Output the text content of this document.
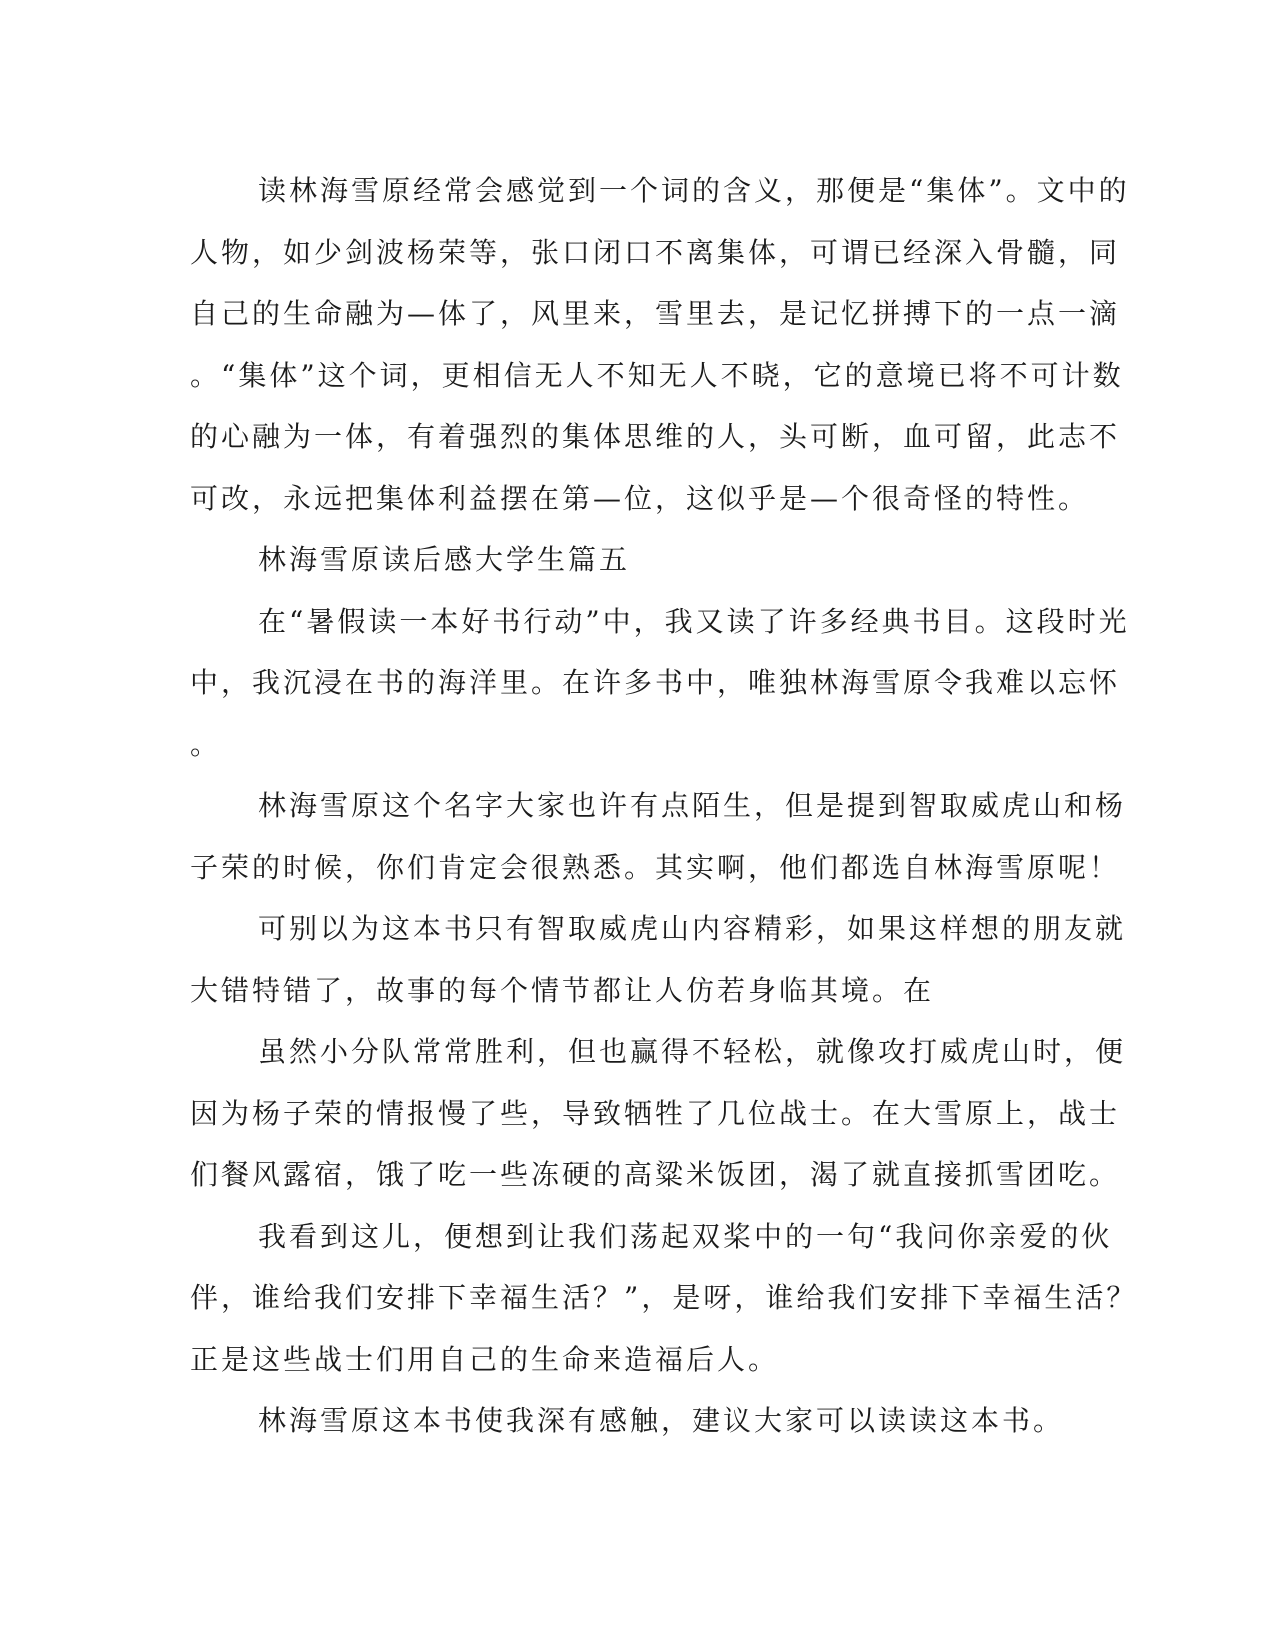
读林海雪原经常会感觉到一个词的含义，那便是“集体”。文中的
人物，如少剑波杨荣等，张口闭口不离集体，可谓已经深入骨髓，同
自己的生命融为—体了，风里来，雪里去，是记忆拼搏下的一点一滴
。“集体”这个词，更相信无人不知无人不晓，它的意境已将不可计数
的心融为一体，有着强烈的集体思维的人，头可断，血可留，此志不
可改，永远把集体利益摆在第—位，这似乎是—个很奇怪的特性。
林海雪原读后感大学生篇五
在“暑假读一本好书行动”中，我又读了许多经典书目。这段时光
中，我沉浸在书的海洋里。在许多书中，唯独林海雪原令我难以忘怀
。
林海雪原这个名字大家也许有点陌生，但是提到智取威虎山和杨
子荣的时候，你们肯定会很熟悉。其实啊，他们都选自林海雪原呢！
可别以为这本书只有智取威虎山内容精彩，如果这样想的朋友就
大错特错了，故事的每个情节都让人仿若身临其境。在
虽然小分队常常胜利，但也赢得不轻松，就像攻打威虎山时，便
因为杨子荣的情报慢了些，导致牺牲了几位战士。在大雪原上，战士
们餐风露宿，饿了吃一些冻硬的高粱米饭团，渴了就直接抓雪团吃。
我看到这儿，便想到让我们荡起双桨中的一句“我问你亲爱的伙
伴，谁给我们安排下幸福生活？”，是呀，谁给我们安排下幸福生活？
正是这些战士们用自己的生命来造福后人。
林海雪原这本书使我深有感触，建议大家可以读读这本书。
